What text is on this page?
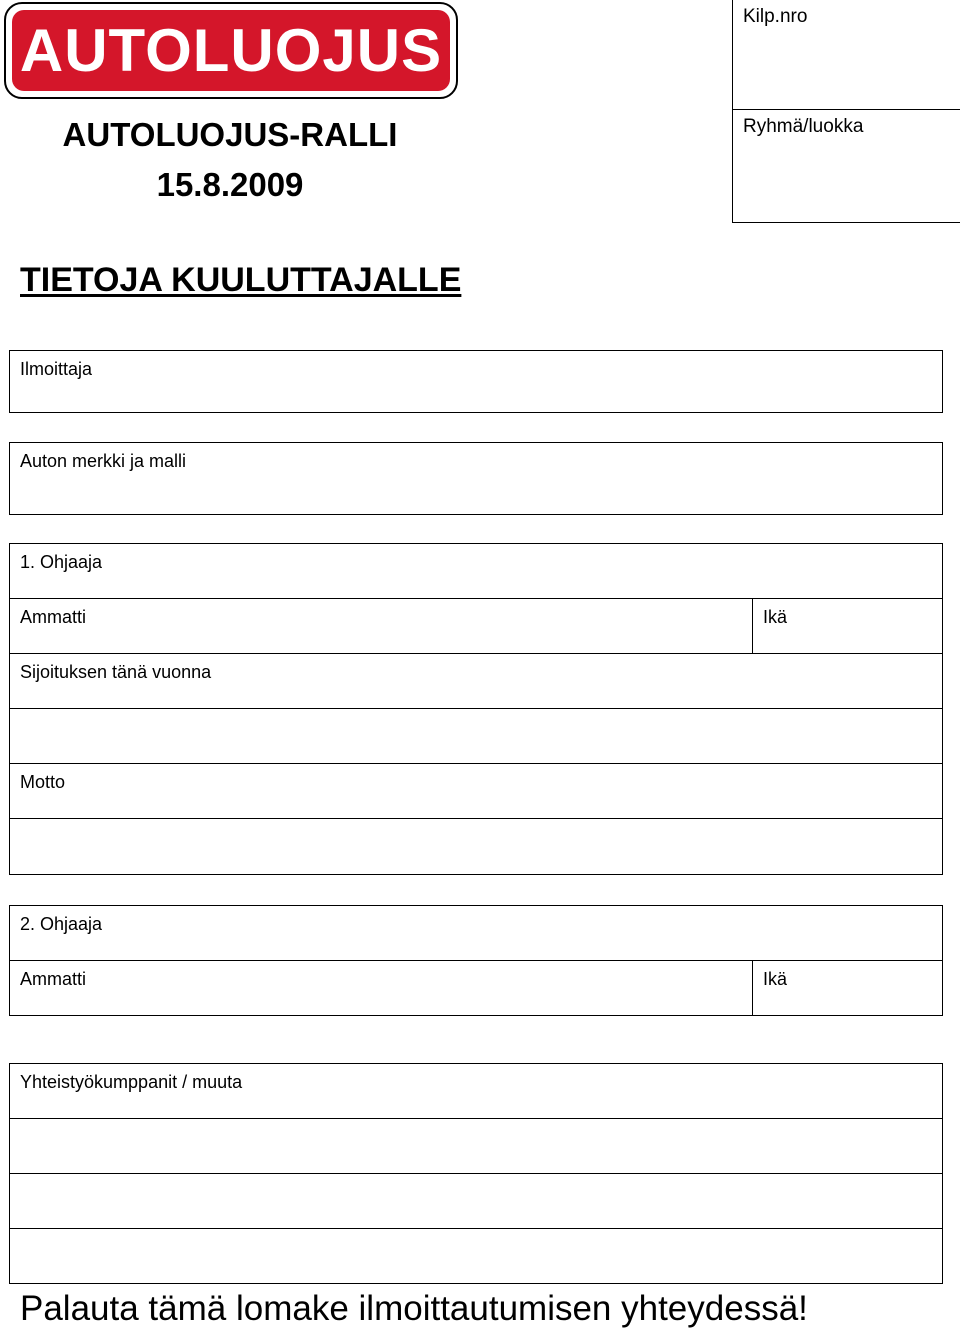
AUTOLUOJUS
AUTOLUOJUS-RALLI
15.8.2009
Kilp.nro
Ryhmä/luokka
TIETOJA KUULUTTAJALLE
Ilmoittaja
Auton merkki ja malli
1. Ohjaaja
Ammatti	Ikä
Sijoituksen tänä vuonna
Motto
2. Ohjaaja
Ammatti	Ikä
Yhteistyökumppanit / muuta
Palauta tämä lomake ilmoittautumisen yhteydessä!
